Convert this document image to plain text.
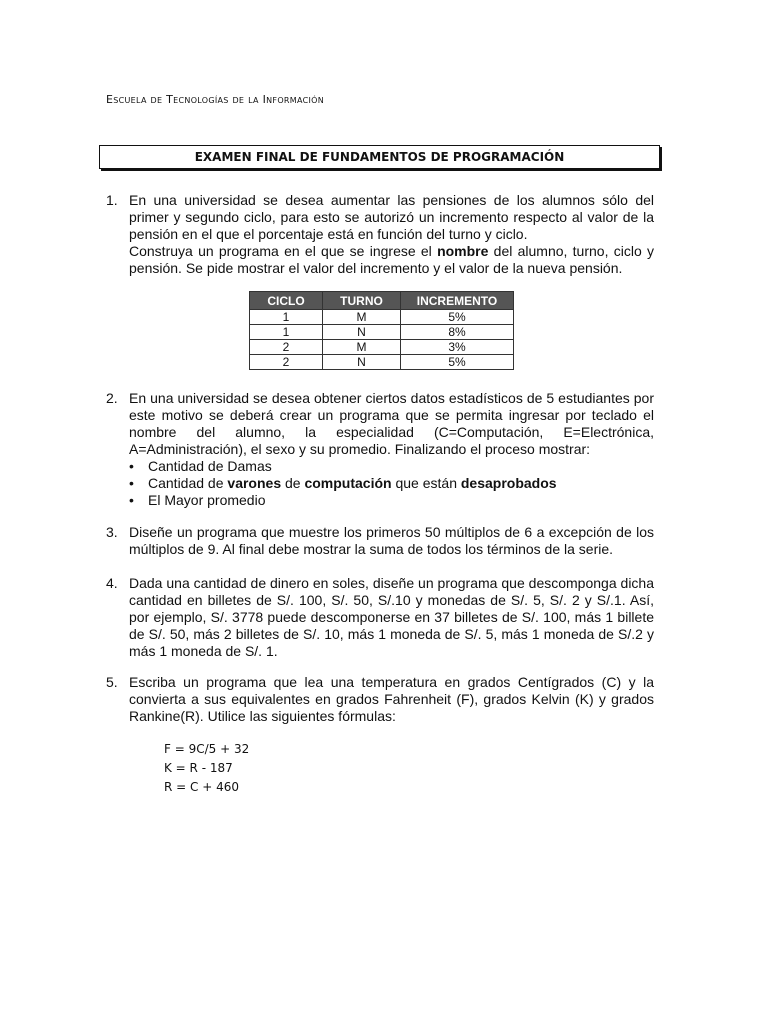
Escuela de Tecnologías de la Información
EXAMEN FINAL DE FUNDAMENTOS DE PROGRAMACIÓN
1. En una universidad se desea aumentar las pensiones de los alumnos sólo del primer y segundo ciclo, para esto se autorizó un incremento respecto al valor de la pensión en el que el porcentaje está en función del turno y ciclo.

Construya un programa en el que se ingrese el nombre del alumno, turno, ciclo y pensión. Se pide mostrar el valor del incremento y el valor de la nueva pensión.

CICLO	TURNO	INCREMENTO
1	M	5%
1	N	8%
2	M	3%
2	N	5%
2. En una universidad se desea obtener ciertos datos estadísticos de 5 estudiantes por este motivo se deberá crear un programa que se permita ingresar por teclado el nombre del alumno, la especialidad (C=Computación, E=Electrónica, A=Administración), el sexo y su promedio. Finalizando el proceso mostrar:

• Cantidad de Damas
• Cantidad de varones de computación que están desaprobados
• El Mayor promedio
3. Diseñe un programa que muestre los primeros 50 múltiplos de 6 a excepción de los múltiplos de 9. Al final debe mostrar la suma de todos los términos de la serie.

4. Dada una cantidad de dinero en soles, diseñe un programa que descomponga dicha cantidad en billetes de S/. 100, S/. 50, S/.10 y monedas de S/. 5, S/. 2 y S/.1. Así, por ejemplo, S/. 3778 puede descomponerse en 37 billetes de S/. 100, más 1 billete de S/. 50, más 2 billetes de S/. 10, más 1 moneda de S/. 5, más 1 moneda de S/.2 y más 1 moneda de S/. 1.

5. Escriba un programa que lea una temperatura en grados Centígrados (C) y la convierta a sus equivalentes en grados Fahrenheit (F), grados Kelvin (K) y grados Rankine(R). Utilice las siguientes fórmulas:

F = 9C/5 + 32
K = R - 187
R = C + 460
